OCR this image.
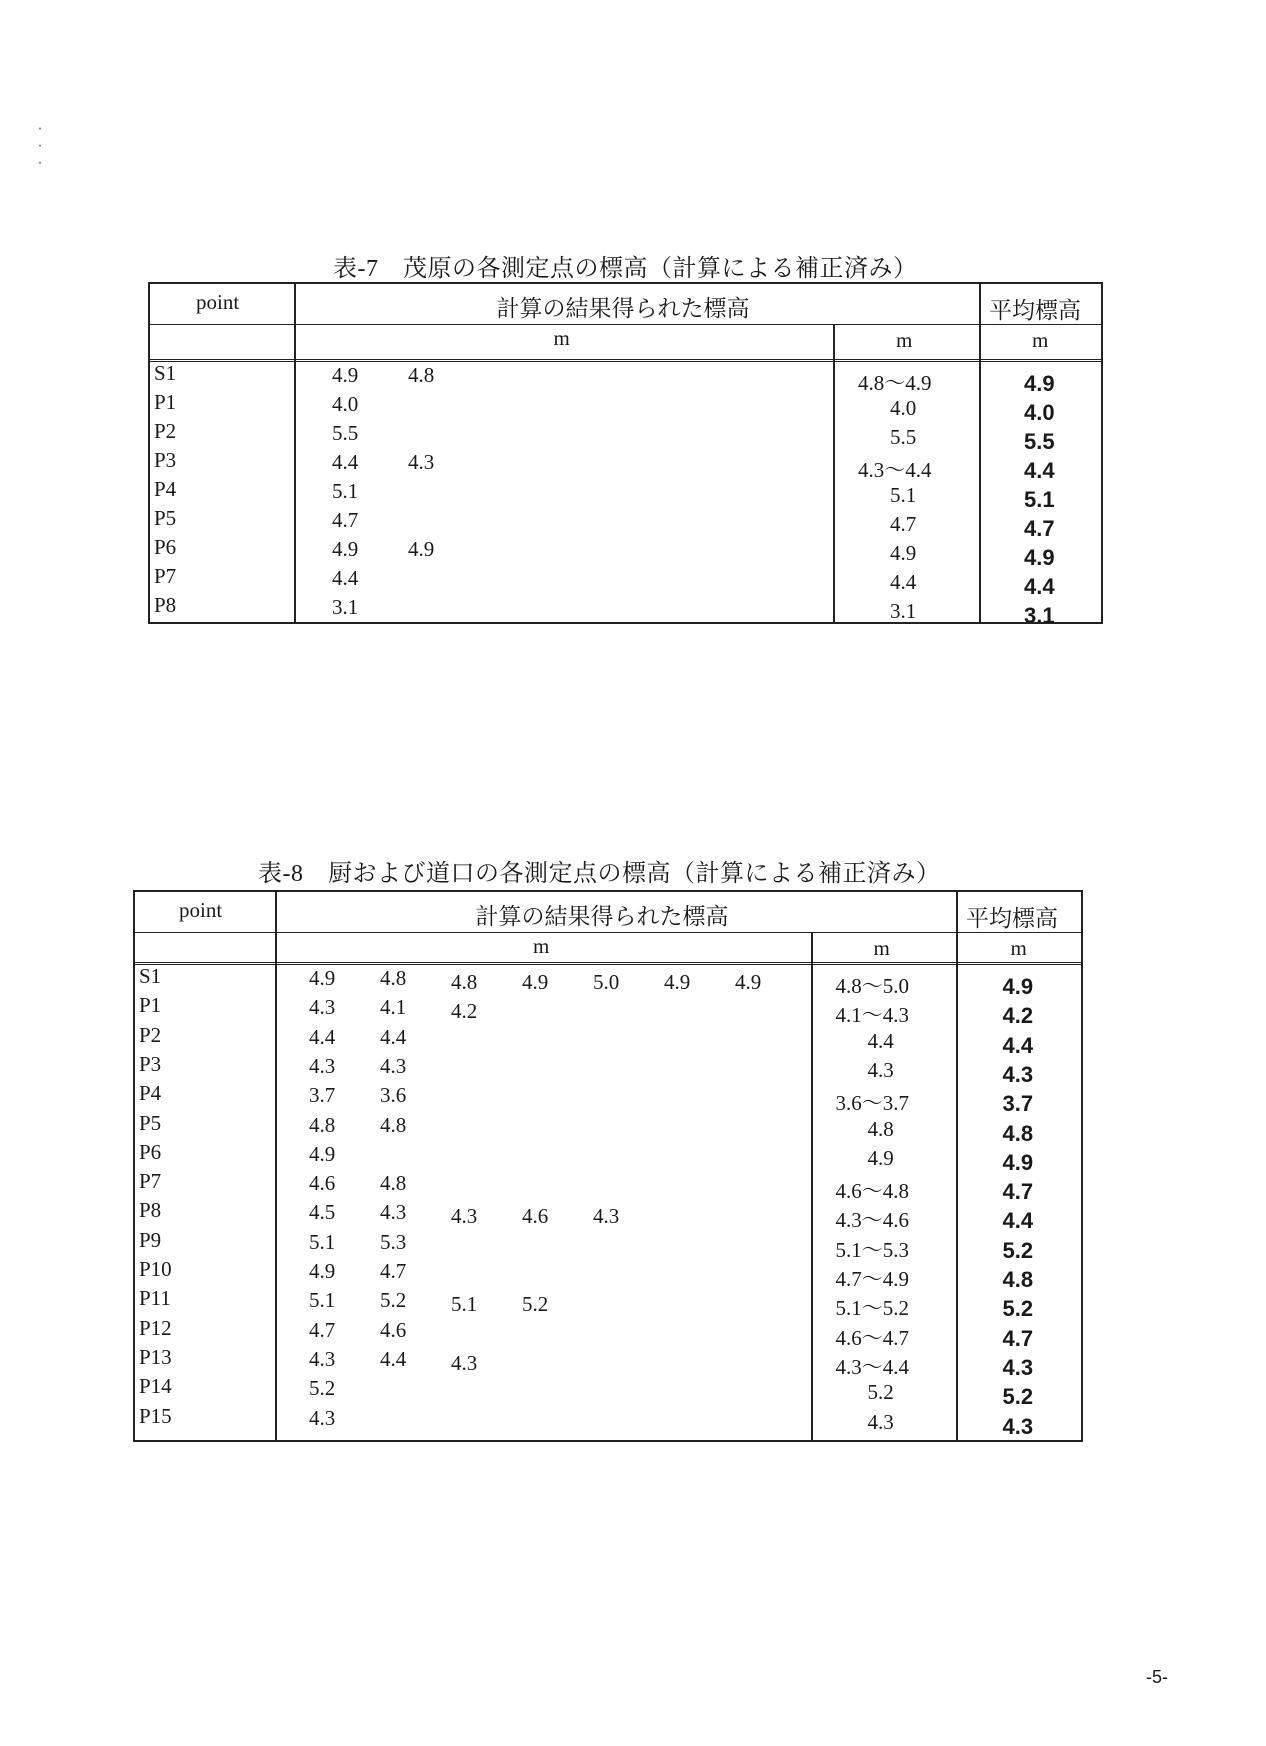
・
・
・
表-7　茂原の各測定点の標高（計算による補正済み）
point	計算の結果得られた標高	平均標高
m	m	m
S1	4.9 4.8	4.8～4.9	4.9
P1	4.0	4.0	4.0
P2	5.5	5.5	5.5
P3	4.4 4.3	4.3～4.4	4.4
P4	5.1	5.1	5.1
P5	4.7	4.7	4.7
P6	4.9 4.9	4.9	4.9
P7	4.4	4.4	4.4
P8	3.1	3.1	3.1
表-8　厨および道口の各測定点の標高（計算による補正済み）
point	計算の結果得られた標高	平均標高
m	m	m
S1	4.9 4.8 4.8 4.9 5.0 4.9 4.9	4.8～5.0	4.9
P1	4.3 4.1 4.2	4.1～4.3	4.2
P2	4.4 4.4	4.4	4.4
P3	4.3 4.3	4.3	4.3
P4	3.7 3.6	3.6～3.7	3.7
P5	4.8 4.8	4.8	4.8
P6	4.9	4.9	4.9
P7	4.6 4.8	4.6～4.8	4.7
P8	4.5 4.3 4.3 4.6 4.3	4.3～4.6	4.4
P9	5.1 5.3	5.1～5.3	5.2
P10	4.9 4.7	4.7～4.9	4.8
P11	5.1 5.2 5.1 5.2	5.1～5.2	5.2
P12	4.7 4.6	4.6～4.7	4.7
P13	4.3 4.4 4.3	4.3～4.4	4.3
P14	5.2	5.2	5.2
P15	4.3	4.3	4.3
-5-
